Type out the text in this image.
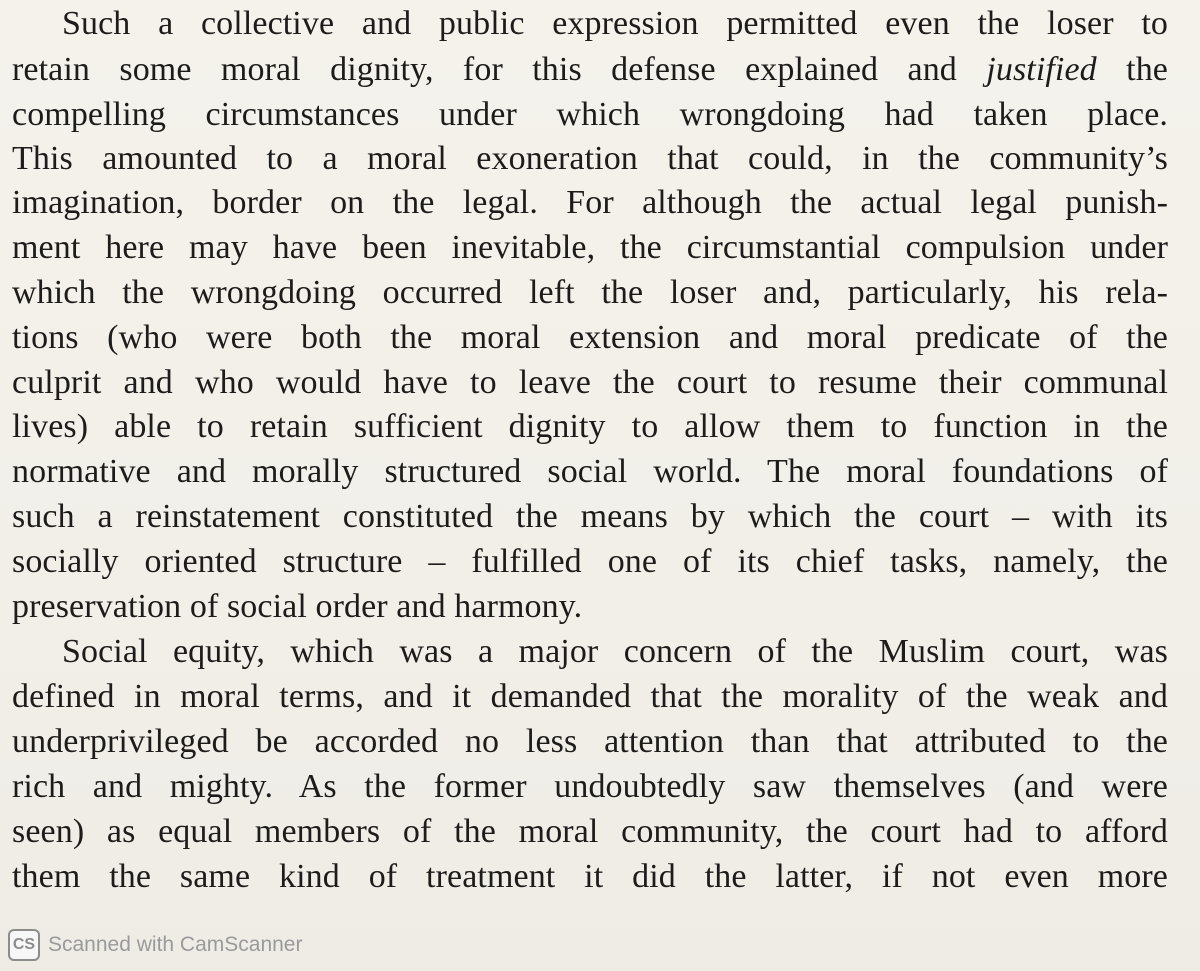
Such a collective and public expression permitted even the loser to
retain some moral dignity, for this defense explained and justified the
compelling circumstances under which wrongdoing had taken place.
This amounted to a moral exoneration that could, in the community’s
imagination, border on the legal. For although the actual legal punish-
ment here may have been inevitable, the circumstantial compulsion under
which the wrongdoing occurred left the loser and, particularly, his rela-
tions (who were both the moral extension and moral predicate of the
culprit and who would have to leave the court to resume their communal
lives) able to retain sufficient dignity to allow them to function in the
normative and morally structured social world. The moral foundations of
such a reinstatement constituted the means by which the court – with its
socially oriented structure – fulfilled one of its chief tasks, namely, the
preservation of social order and harmony.
Social equity, which was a major concern of the Muslim court, was
defined in moral terms, and it demanded that the morality of the weak and
underprivileged be accorded no less attention than that attributed to the
rich and mighty. As the former undoubtedly saw themselves (and were
seen) as equal members of the moral community, the court had to afford
them the same kind of treatment it did the latter, if not even more
CS Scanned with CamScanner
